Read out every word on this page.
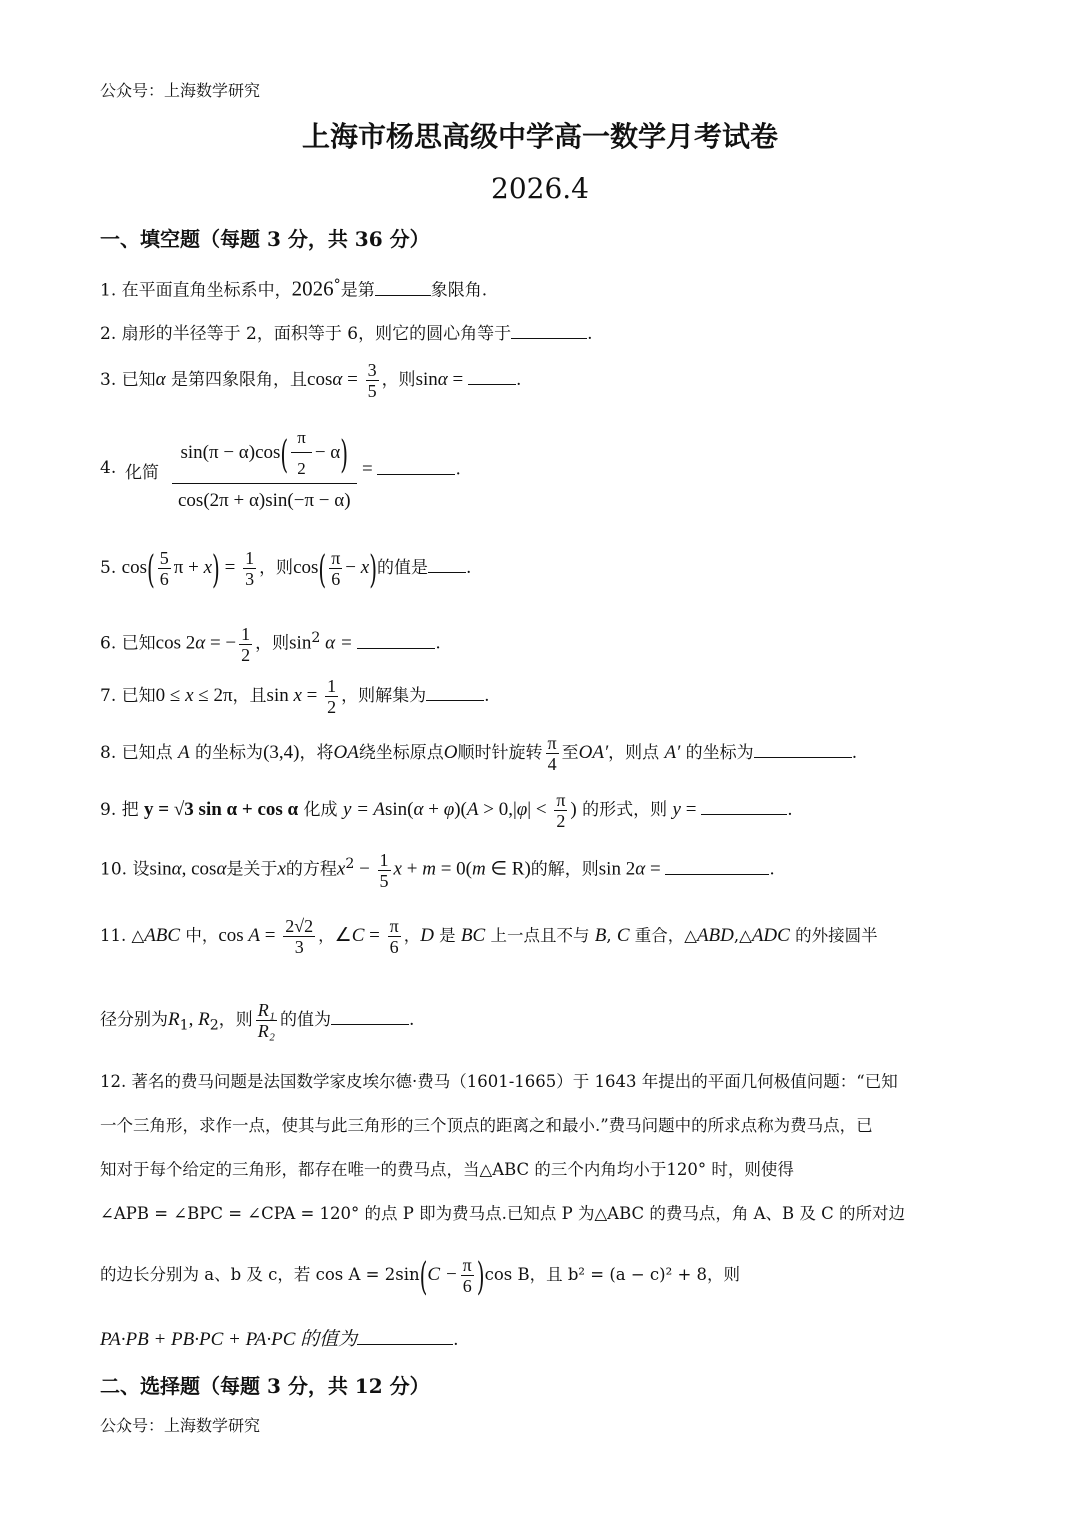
公众号：上海数学研究
上海市杨思高级中学高一数学月考试卷
2026.4
一、填空题（每题 3 分，共 36 分）
1. 在平面直角坐标系中，2026°是第	象限角.
2. 扇形的半径等于 2，面积等于 6，则它的圆心角等于	.
3. 已知α 是第四象限角，且$\cos\alpha = \frac{3}{5}$ ，则sinα =	.
4. 化简 $\frac{\sin(\pi - \alpha)\cos( \frac{\pi}{2} - \alpha)}{\cos(2\pi + \alpha)\sin(-\pi - \alpha)}$ =	.
5. $\cos( \frac{5}{6}$ $\pi + x) = \frac{1}{3}$ ，则$\cos( \frac{\pi}{6} - x)$的值是 .
6. 已知cos 2α = − $\frac{1}{2}$ ，则$\sin^2 \alpha$ =	.
7. 已知0 ≤ x ≤ 2π，且$\sin x = \frac{1}{2}$ ，则解集为	.
8. 已知点 A 的坐标为(3,4)，将OA绕坐标原点O顺时针旋转 $\frac{\pi}{4}$ 至OA′，则点 A′ 的坐标为	.
9. 把 y = √3 sin α + cos α 化成 $y = Asin(\alpha + \varphi)(A > 0,|\varphi| < \frac{\pi}{2}$ ) 的形式，则 y =	.
10. 设sinα, cosα是关于x的方程$x^2 - \frac{1}{5}$ x + m = 0(m ∈ R)的解，则sin 2α =	.
11. △ABC 中，$\cos A = \frac{2√2}{3}$ ，∠C = $\frac{\pi}{6}$ ，D 是 BC 上一点且不与 B, C 重合，△ABD,△ADC 的外接圆半
径分别为$R_1$, $R_2$，则 $\frac{\text{R₁}}{\text{R₂}}$ 的值为	.
12. 著名的费马问题是法国数学家皮埃尔德·费马（1601-1665）于 1643 年提出的平面几何极值问题：“已知
一个三角形，求作一点，使其与此三角形的三个顶点的距离之和最小.”费马问题中的所求点称为费马点，已
知对于每个给定的三角形，都存在唯一的费马点，当△ABC 的三个内角均小于120° 时，则使得
∠APB = ∠BPC = ∠CPA = 120° 的点 P 即为费马点.已知点 P 为△ABC 的费马点，角 A、B 及 C 的所对边
的边长分别为 a、b 及 c，若 $\cos A = 2\sin(C - \frac{\pi}{6} )\cos$ B，且 b² = (a − c)² + 8，则
PA·PB + PB·PC + PA·PC 的值为	.
二、选择题（每题 3 分，共 12 分）
公众号：上海数学研究
